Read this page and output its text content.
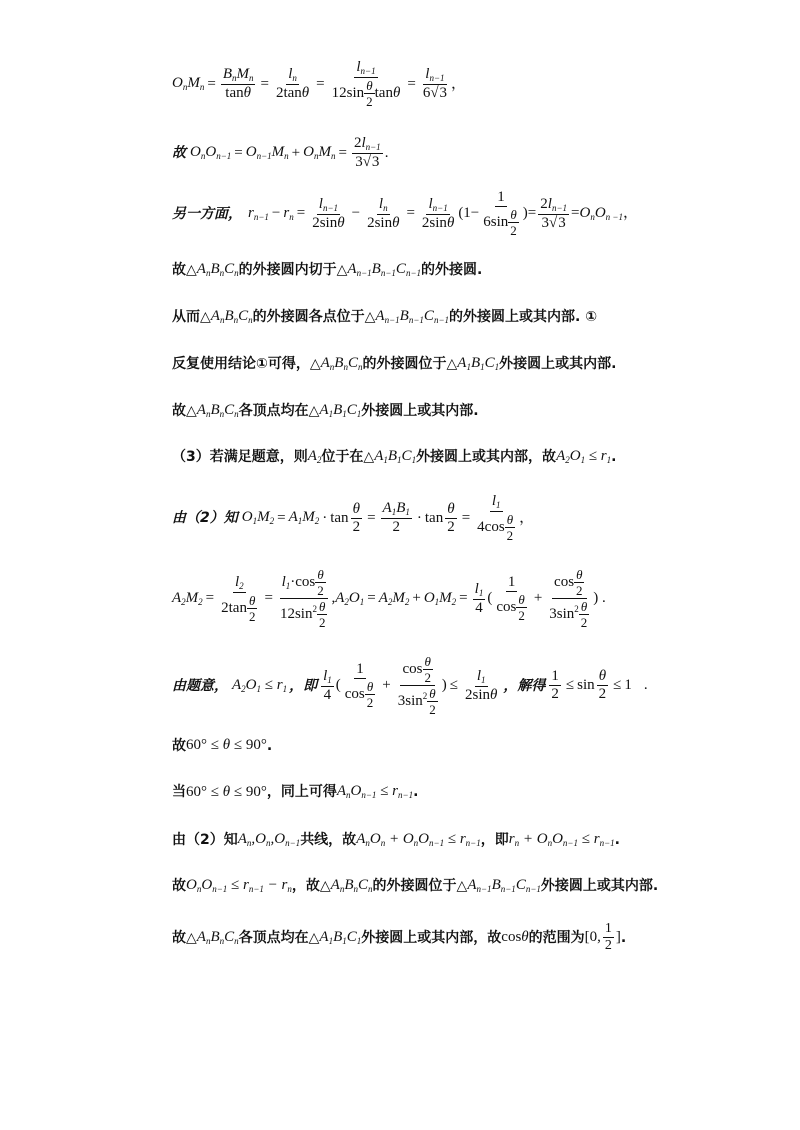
$O_nM_n = \frac{B_nM_n}{\tan\theta} = \frac{l_n}{2\tan\theta} = \frac{l_{n-1}}{12\sin \frac{\theta}{2} \tan\theta} = \frac{l_{n-1}}{6√3}$ ，
故 $O_nO_{n-1} = O_{n-1}M_n + O_nM_n = \frac{2l_{n-1}}{3√3}$ .
另一方面， $r_{n-1} - r_n = \frac{l_{n-1}}{2\sin\theta} - \frac{l_n}{2\sin\theta} = \frac{l_{n-1}}{2\sin\theta} (1- \frac{1}{6\sin \frac{\theta}{2}}$ )= $\frac{2l_{n-1}}{3√3} = O_nO_{n -1}$ ，
故△ $A_nB_nC_n$ 的外接圆内切于△ $A_{n-1}B_{n-1}C_{n-1}$ 的外接圆.
从而△ $A_nB_nC_n$ 的外接圆各点位于△ $A_{n-1}B_{n-1}C_{n-1}$ 的外接圆上或其内部. ①
反复使用结论①可得，△ $A_nB_nC_n$ 的外接圆位于△ $A_1B_1C_1$ 外接圆上或其内部.
故△ $A_nB_nC_n$ 各顶点均在△ $A_1B_1C_1$ 外接圆上或其内部.
（3）若满足题意，则 $A_2$ 位于在△ $A_1B_1C_1$ 外接圆上或其内部，故 $A_2O_1 \le r_1$ .
由（2）知 $O_1M_2 = A_1M_2 \cdot \tan \frac{\theta}{2} = \frac{A_1B_1}{2} \cdot \tan \frac{\theta}{2} = \frac{l_1}{4\cos \frac{\theta}{2}}$ ，
$A_2M_2 = \frac{l_2}{2\tan \frac{\theta}{2}} = \frac{l_1\cdot\cos \frac{\theta}{2}}{12\sin^2 \frac{\theta}{2}}$ , $A_2O_1 = A_2M_2 + O_1M_2 = \frac{l_1}{4}$ ( $\frac{1}{\cos \frac{\theta}{2}} + \frac{\cos \frac{\theta}{2}}{3\sin^2 \frac{\theta}{2}}$ ) .
由题意， $A_2O_1 \le r_1$ ，即 $\frac{l_1}{4}$ ( $\frac{1}{\cos \frac{\theta}{2}} + \frac{\cos \frac{\theta}{2}}{3\sin^2 \frac{\theta}{2}}$ ) ≤ $\frac{l_1}{2\sin\theta}$ ，解得 $\frac{1}{2} \le \sin \frac{\theta}{2} \le 1$ .
故 60° ≤ θ ≤ 90° .
当 60° ≤ θ ≤ 90° ，同上可得 $A_nO_{n-1} \le r_{n-1}$ .
由（2）知 $A_n,O_n,O_{n-1}$ 共线，故 $A_nO_n + O_nO_{n-1} \le r_{n-1}$ ，即 $r_n + O_nO_{n-1} \le r_{n-1}$ .
故 $O_nO_{n-1} \le r_{n-1} - r_n$ ，故△ $A_nB_nC_n$ 的外接圆位于△ $A_{n-1}B_{n-1}C_{n-1}$ 外接圆上或其内部.
故△ $A_nB_nC_n$ 各顶点均在△ $A_1B_1C_1$ 外接圆上或其内部，故 cosθ 的范围为 [0, $\frac{1}{2}$ ] .
